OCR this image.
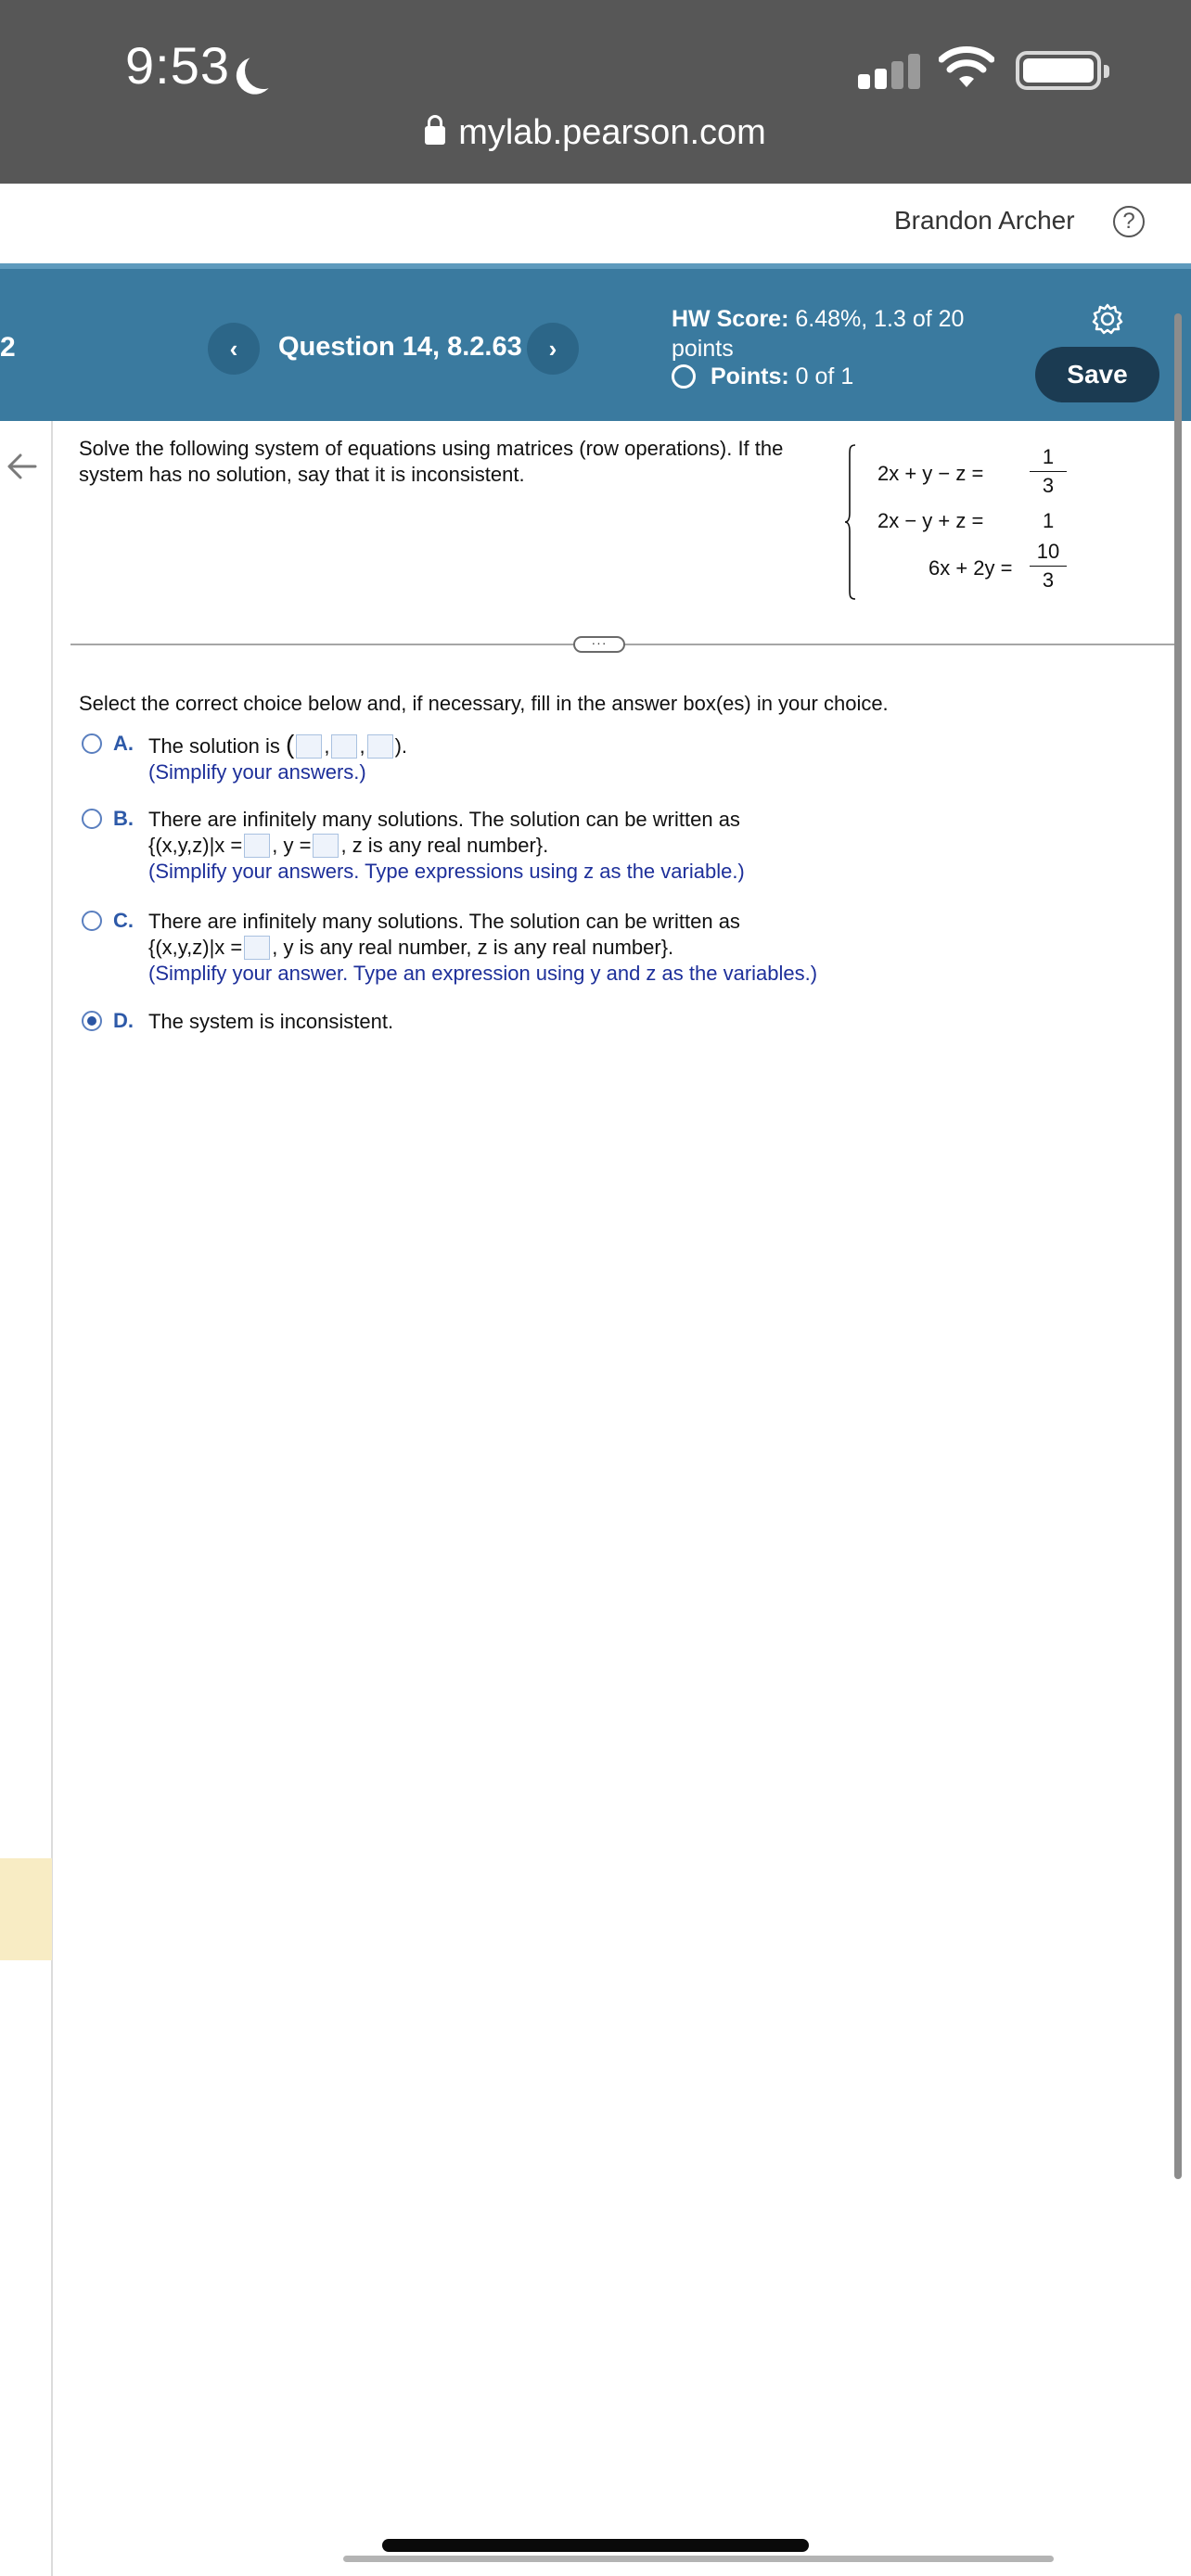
9:53
mylab.pearson.com
Brandon Archer	?
2	‹	Question 14, 8.2.63	›
HW Score: 6.48%, 1.3 of 20 points
Points: 0 of 1	Save
Solve the following system of equations using matrices (row operations). If the system has no solution, say that it is inconsistent.	$2x + y - z = \frac{1}{3}$
2x − y + z =	1
$6x + 2y = \frac{10}{3}$
···
Select the correct choice below and, if necessary, fill in the answer box(es) in your choice.
A. The solution is ( , , ).
(Simplify your answers.)
B. There are infinitely many solutions. The solution can be written as
{(x,y,z)|x = , y = , z is any real number}.
(Simplify your answers. Type expressions using z as the variable.)
C. There are infinitely many solutions. The solution can be written as
{(x,y,z)|x = , y is any real number, z is any real number}.
(Simplify your answer. Type an expression using y and z as the variables.)
D. The system is inconsistent.
